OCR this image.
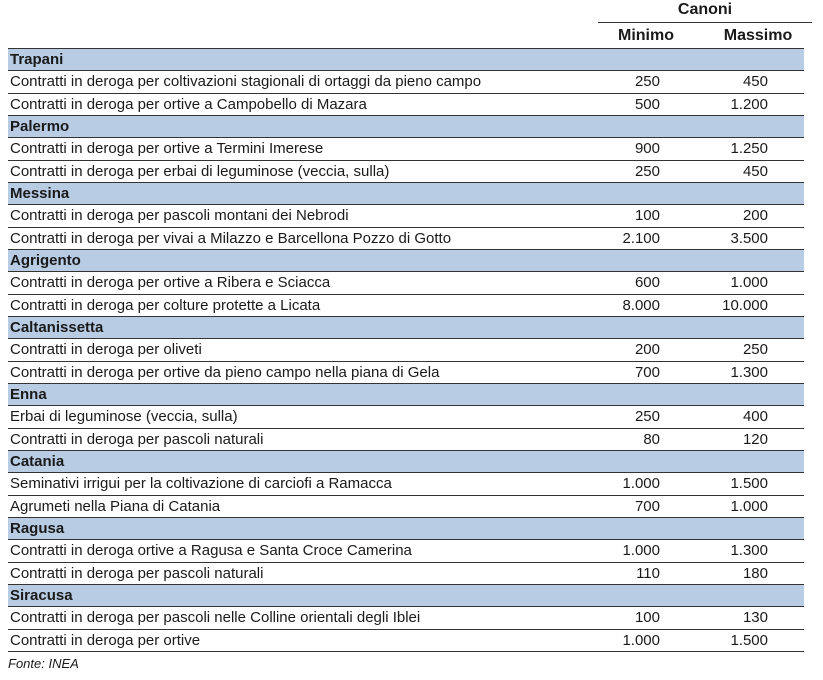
Canoni
Minimo	Massimo
Trapani
Contratti in deroga per coltivazioni stagionali di ortaggi da pieno campo	250	450
Contratti in deroga per ortive a Campobello di Mazara	500	1.200
Palermo
Contratti in deroga per ortive a Termini Imerese	900	1.250
Contratti in deroga per erbai di leguminose (veccia, sulla)	250	450
Messina
Contratti in deroga per pascoli montani dei Nebrodi	100	200
Contratti in deroga per vivai a Milazzo e Barcellona Pozzo di Gotto	2.100	3.500
Agrigento
Contratti in deroga per ortive a Ribera e Sciacca	600	1.000
Contratti in deroga per colture protette a Licata	8.000	10.000
Caltanissetta
Contratti in deroga per oliveti	200	250
Contratti in deroga per ortive da pieno campo nella piana di Gela	700	1.300
Enna
Erbai di leguminose (veccia, sulla)	250	400
Contratti in deroga per pascoli naturali	80	120
Catania
Seminativi irrigui per la coltivazione di carciofi a Ramacca	1.000	1.500
Agrumeti nella Piana di Catania	700	1.000
Ragusa
Contratti in deroga ortive a Ragusa e Santa Croce Camerina	1.000	1.300
Contratti in deroga per pascoli naturali	110	180
Siracusa
Contratti in deroga per pascoli nelle Colline orientali degli Iblei	100	130
Contratti in deroga per ortive	1.000	1.500
Fonte: INEA
